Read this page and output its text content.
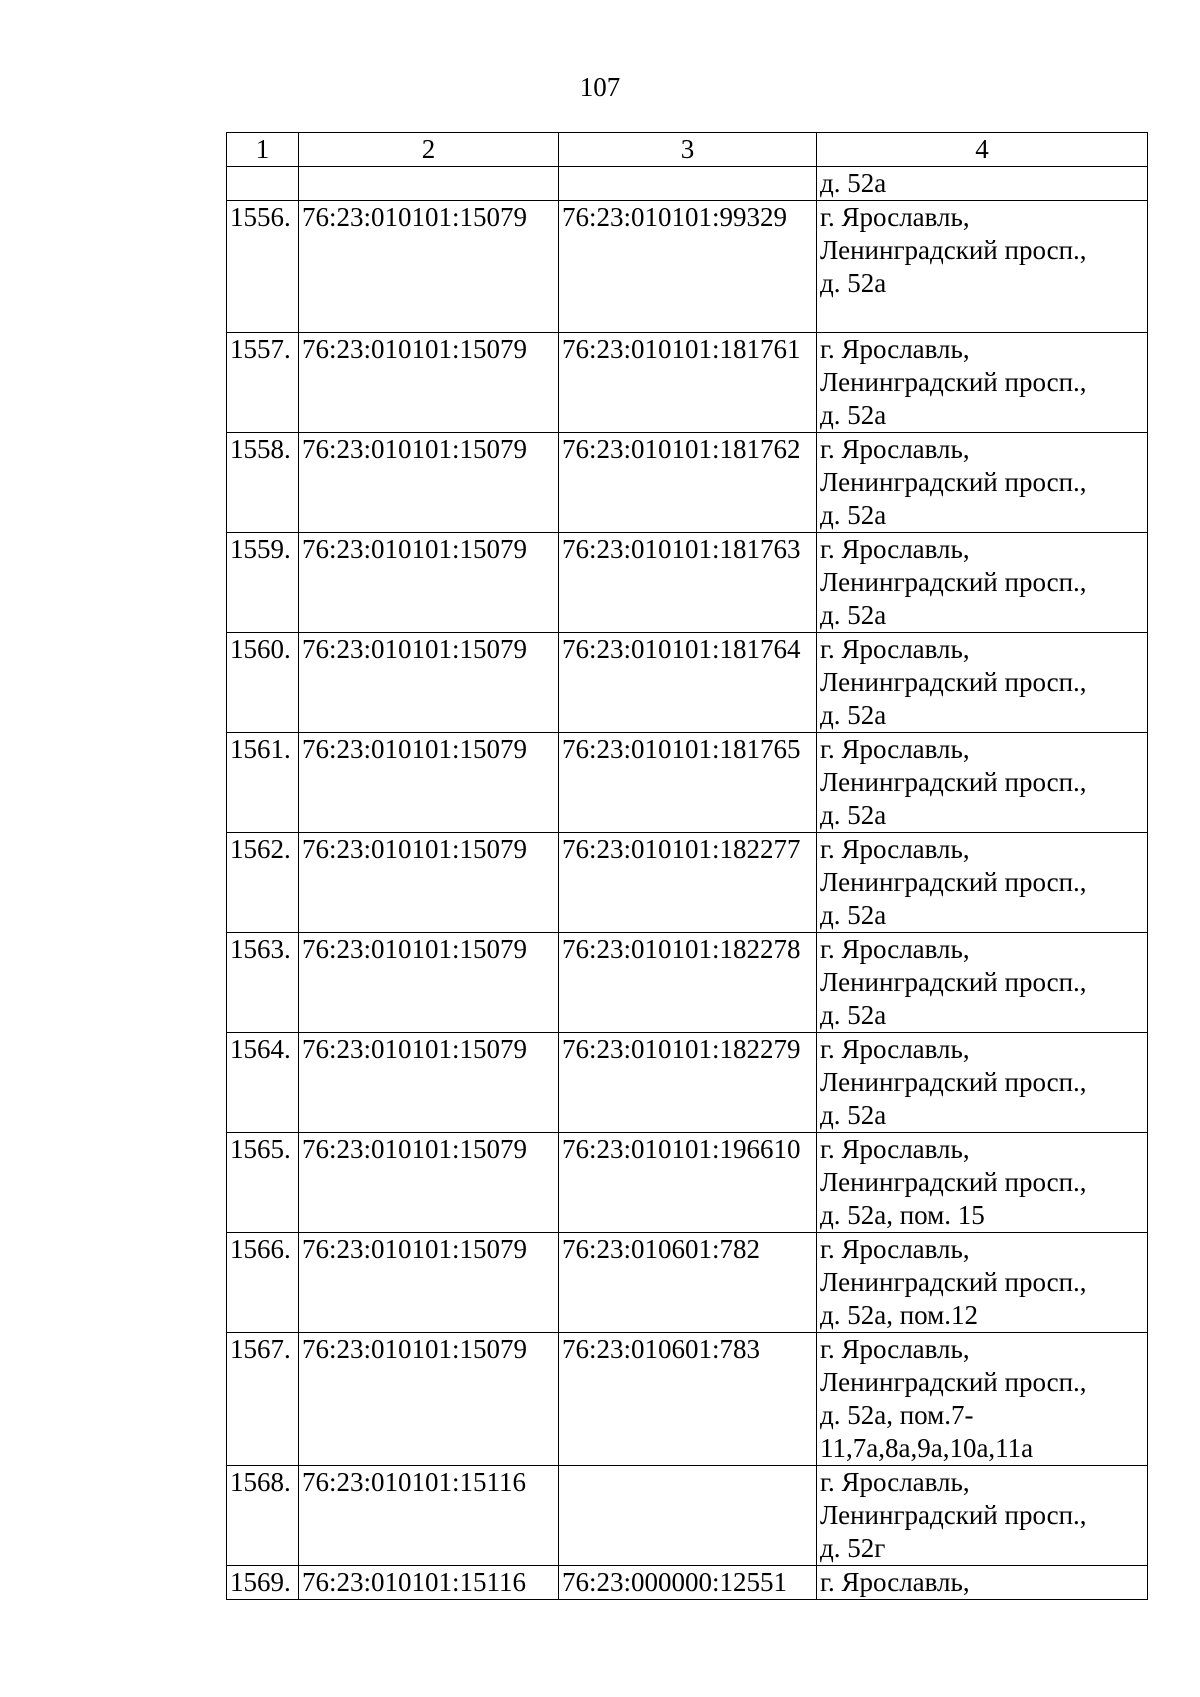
107
1	2	3	4

			д. 52а

1556.	76:23:010101:15079	76:23:010101:99329	г. Ярославль,
Ленинградский просп.,
д. 52а

1557.	76:23:010101:15079	76:23:010101:181761	г. Ярославль,
Ленинградский просп.,
д. 52а

1558.	76:23:010101:15079	76:23:010101:181762	г. Ярославль,
Ленинградский просп.,
д. 52а

1559.	76:23:010101:15079	76:23:010101:181763	г. Ярославль,
Ленинградский просп.,
д. 52а

1560.	76:23:010101:15079	76:23:010101:181764	г. Ярославль,
Ленинградский просп.,
д. 52а

1561.	76:23:010101:15079	76:23:010101:181765	г. Ярославль,
Ленинградский просп.,
д. 52а

1562.	76:23:010101:15079	76:23:010101:182277	г. Ярославль,
Ленинградский просп.,
д. 52а

1563.	76:23:010101:15079	76:23:010101:182278	г. Ярославль,
Ленинградский просп.,
д. 52а

1564.	76:23:010101:15079	76:23:010101:182279	г. Ярославль,
Ленинградский просп.,
д. 52а

1565.	76:23:010101:15079	76:23:010101:196610	г. Ярославль,
Ленинградский просп.,
д. 52а, пом. 15

1566.	76:23:010101:15079	76:23:010601:782	г. Ярославль,
Ленинградский просп.,
д. 52а, пом.12

1567.	76:23:010101:15079	76:23:010601:783	г. Ярославль,
Ленинградский просп.,
д. 52а, пом.7-
11,7а,8а,9а,10а,11а

1568.	76:23:010101:15116		г. Ярославль,
Ленинградский просп.,
д. 52г

1569.	76:23:010101:15116	76:23:000000:12551	г. Ярославль,
